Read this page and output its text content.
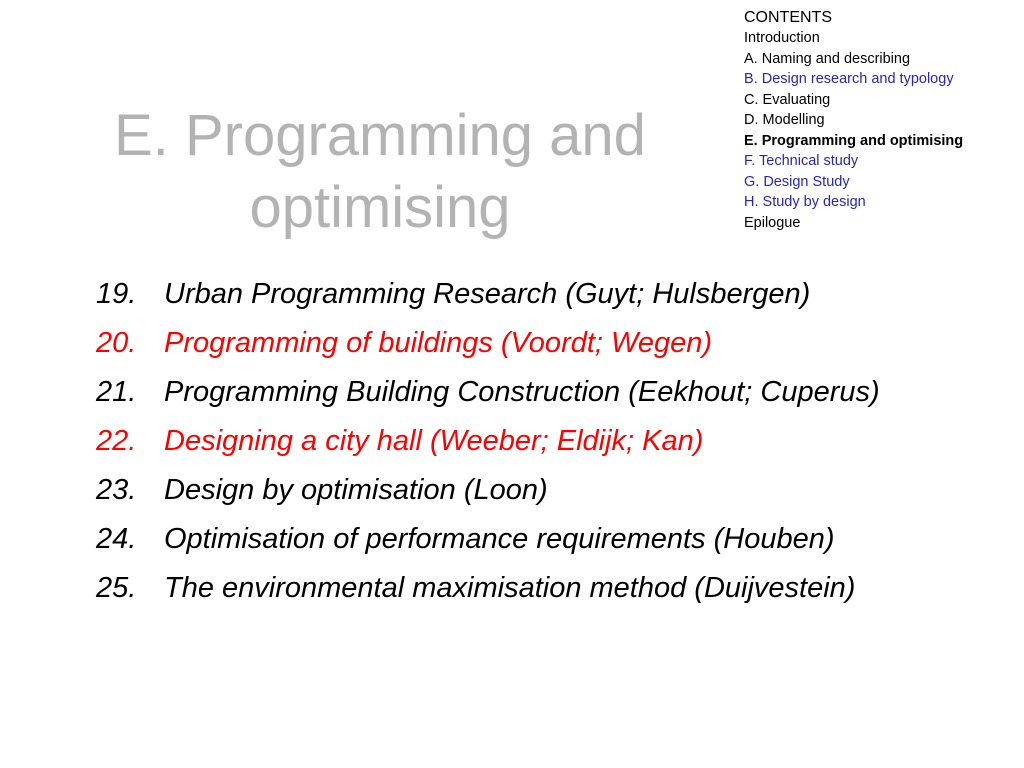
CONTENTS
Introduction
A. Naming and describing
B. Design research and typology
C. Evaluating
D. Modelling
E. Programming and optimising
F. Technical study
G. Design Study
H. Study by design
Epilogue
E. Programming and
optimising
19. Urban Programming Research (Guyt; Hulsbergen)
20. Programming of buildings (Voordt; Wegen)
21. Programming Building Construction (Eekhout; Cuperus)
22. Designing a city hall (Weeber; Eldijk; Kan)
23. Design by optimisation (Loon)
24. Optimisation of performance requirements (Houben)
25. The environmental maximisation method (Duijvestein)
